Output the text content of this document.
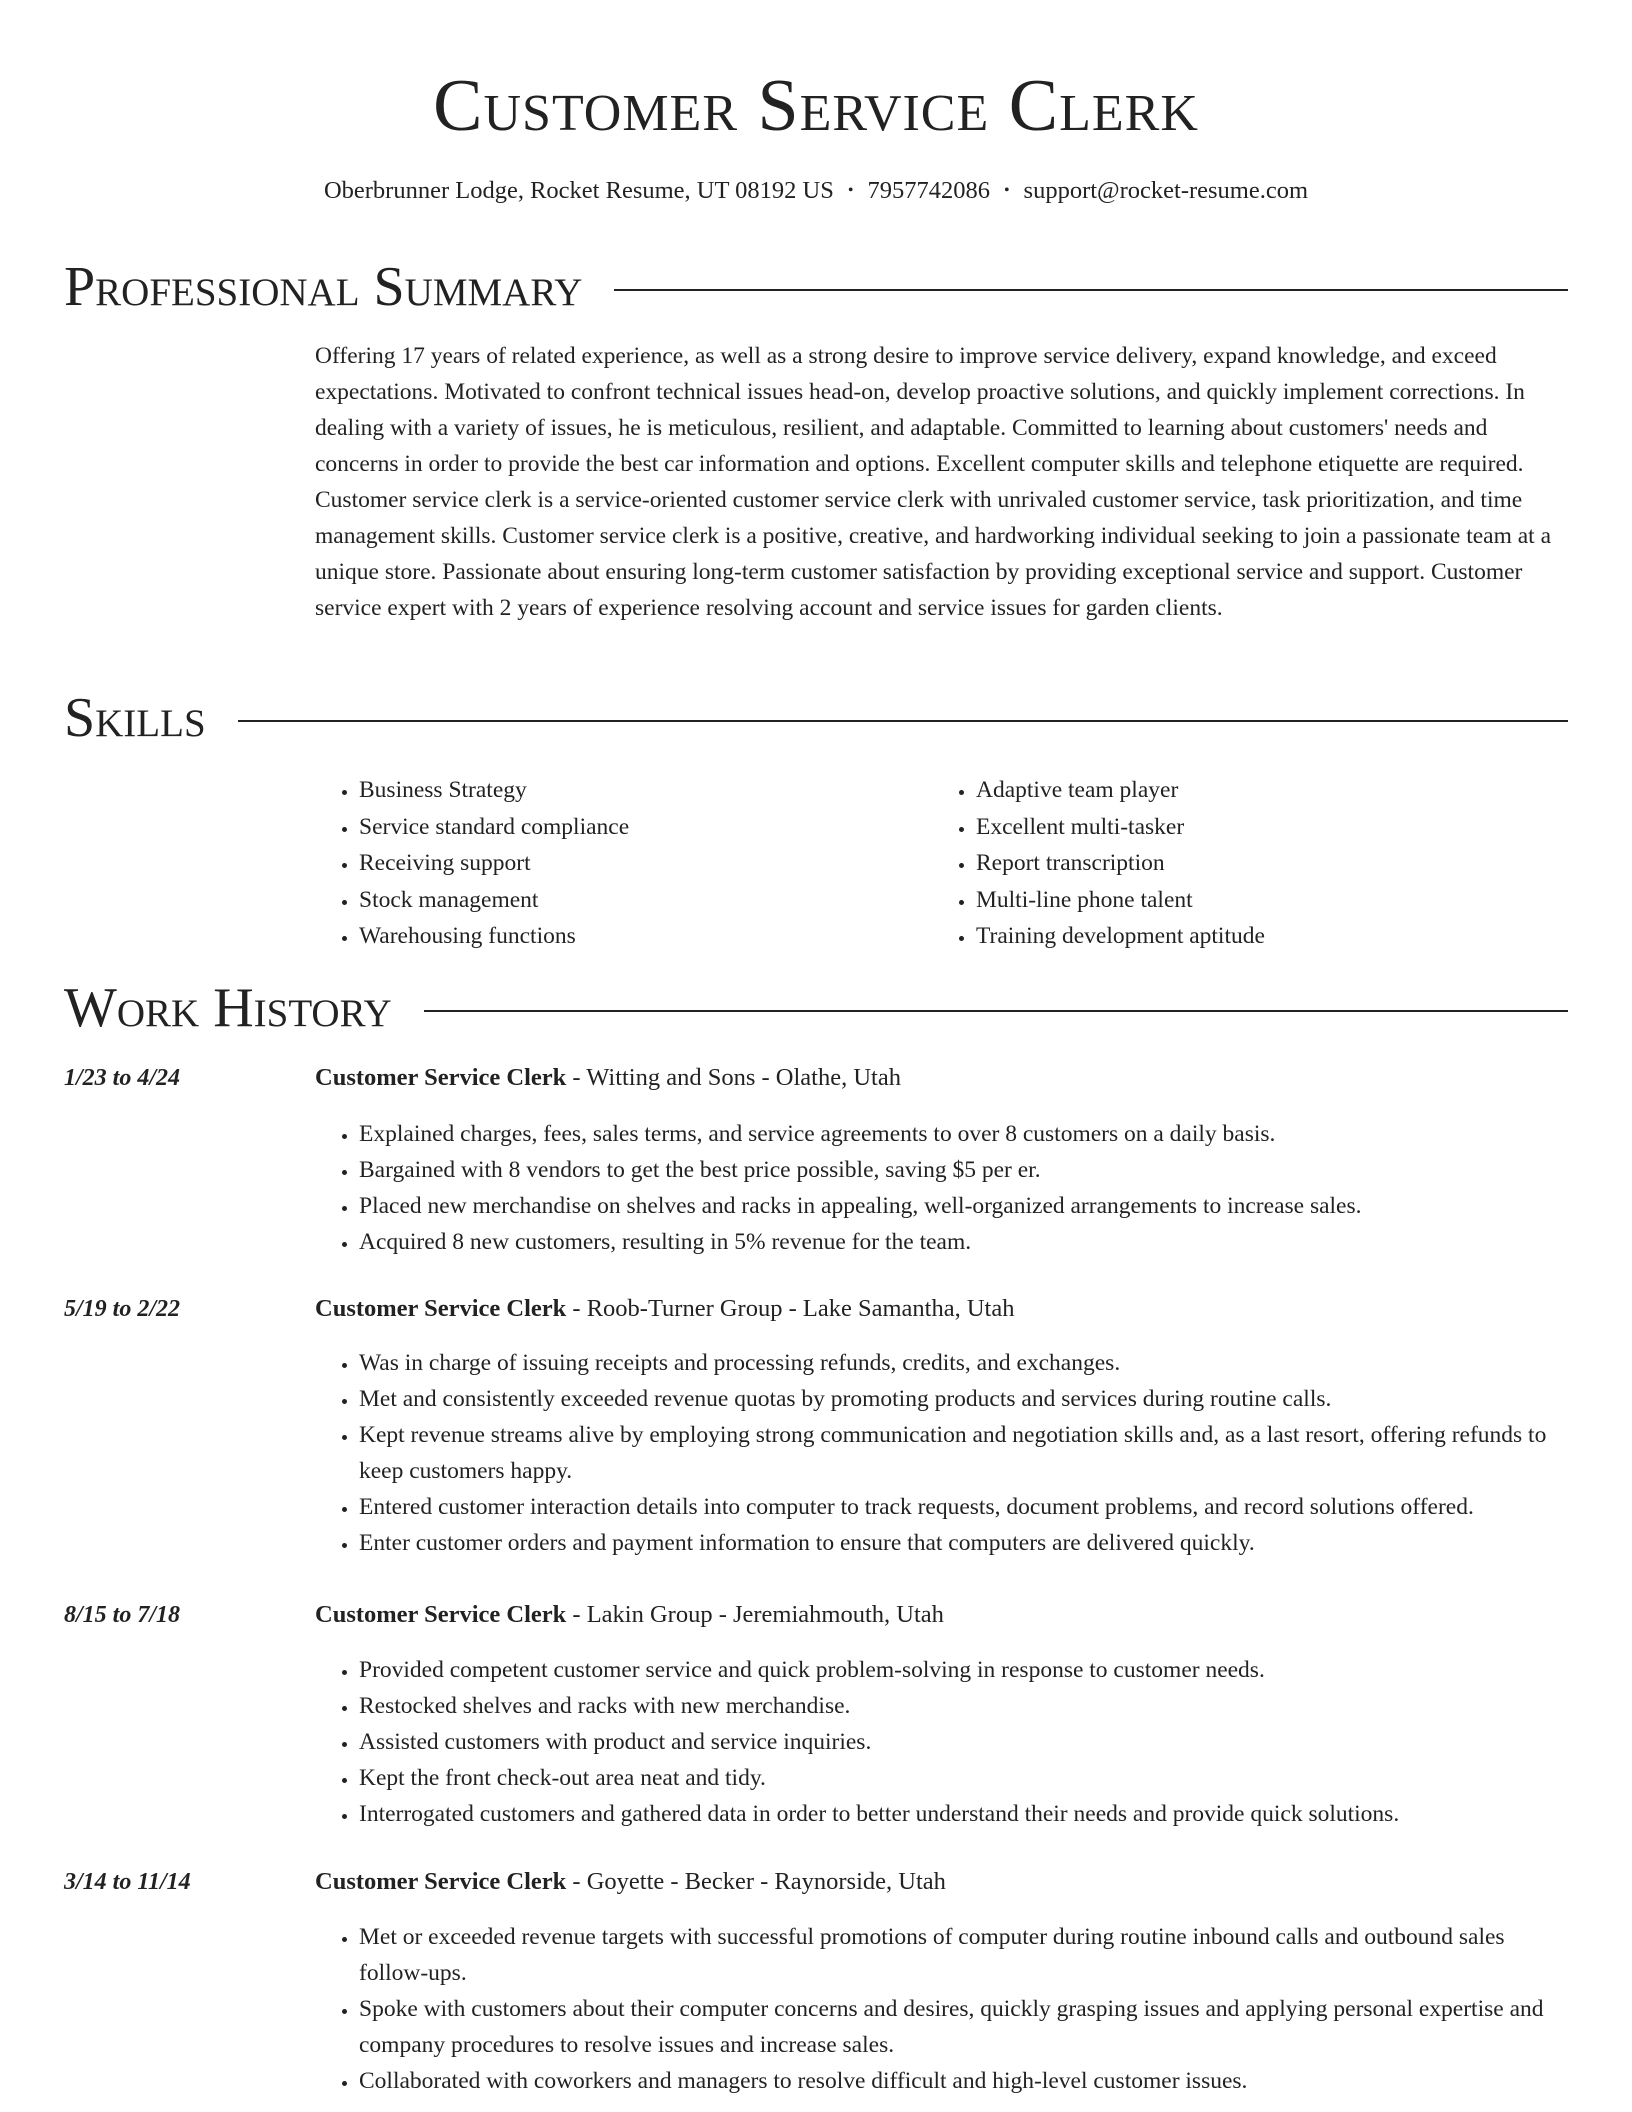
Customer Service Clerk
Oberbrunner Lodge, Rocket Resume, UT 08192 US • 7957742086 • support@rocket-resume.com
Professional Summary

Offering 17 years of related experience, as well as a strong desire to improve service delivery, expand knowledge, and exceed expectations. Motivated to confront technical issues head-on, develop proactive solutions, and quickly implement corrections. In dealing with a variety of issues, he is meticulous, resilient, and adaptable. Committed to learning about customers' needs and concerns in order to provide the best car information and options. Excellent computer skills and telephone etiquette are required. Customer service clerk is a service-oriented customer service clerk with unrivaled customer service, task prioritization, and time management skills. Customer service clerk is a positive, creative, and hardworking individual seeking to join a passionate team at a unique store. Passionate about ensuring long-term customer satisfaction by providing exceptional service and support. Customer service expert with 2 years of experience resolving account and service issues for garden clients.

Skills
• Business Strategy
• Service standard compliance
• Receiving support
• Stock management
• Warehousing functions
• Adaptive team player
• Excellent multi-tasker
• Report transcription
• Multi-line phone talent
• Training development aptitude
Work History
1/23 to 4/24	Customer Service Clerk - Witting and Sons - Olathe, Utah
• Explained charges, fees, sales terms, and service agreements to over 8 customers on a daily basis.
• Bargained with 8 vendors to get the best price possible, saving $5 per er.
• Placed new merchandise on shelves and racks in appealing, well-organized arrangements to increase sales.
• Acquired 8 new customers, resulting in 5% revenue for the team.
5/19 to 2/22	Customer Service Clerk - Roob-Turner Group - Lake Samantha, Utah
• Was in charge of issuing receipts and processing refunds, credits, and exchanges.
• Met and consistently exceeded revenue quotas by promoting products and services during routine calls.
• Kept revenue streams alive by employing strong communication and negotiation skills and, as a last resort, offering refunds to keep customers happy.
• Entered customer interaction details into computer to track requests, document problems, and record solutions offered.
• Enter customer orders and payment information to ensure that computers are delivered quickly.
8/15 to 7/18	Customer Service Clerk - Lakin Group - Jeremiahmouth, Utah
• Provided competent customer service and quick problem-solving in response to customer needs.
• Restocked shelves and racks with new merchandise.
• Assisted customers with product and service inquiries.
• Kept the front check-out area neat and tidy.
• Interrogated customers and gathered data in order to better understand their needs and provide quick solutions.
3/14 to 11/14	Customer Service Clerk - Goyette - Becker - Raynorside, Utah
• Met or exceeded revenue targets with successful promotions of computer during routine inbound calls and outbound sales follow-ups.
• Spoke with customers about their computer concerns and desires, quickly grasping issues and applying personal expertise and company procedures to resolve issues and increase sales.
• Collaborated with coworkers and managers to resolve difficult and high-level customer issues.
